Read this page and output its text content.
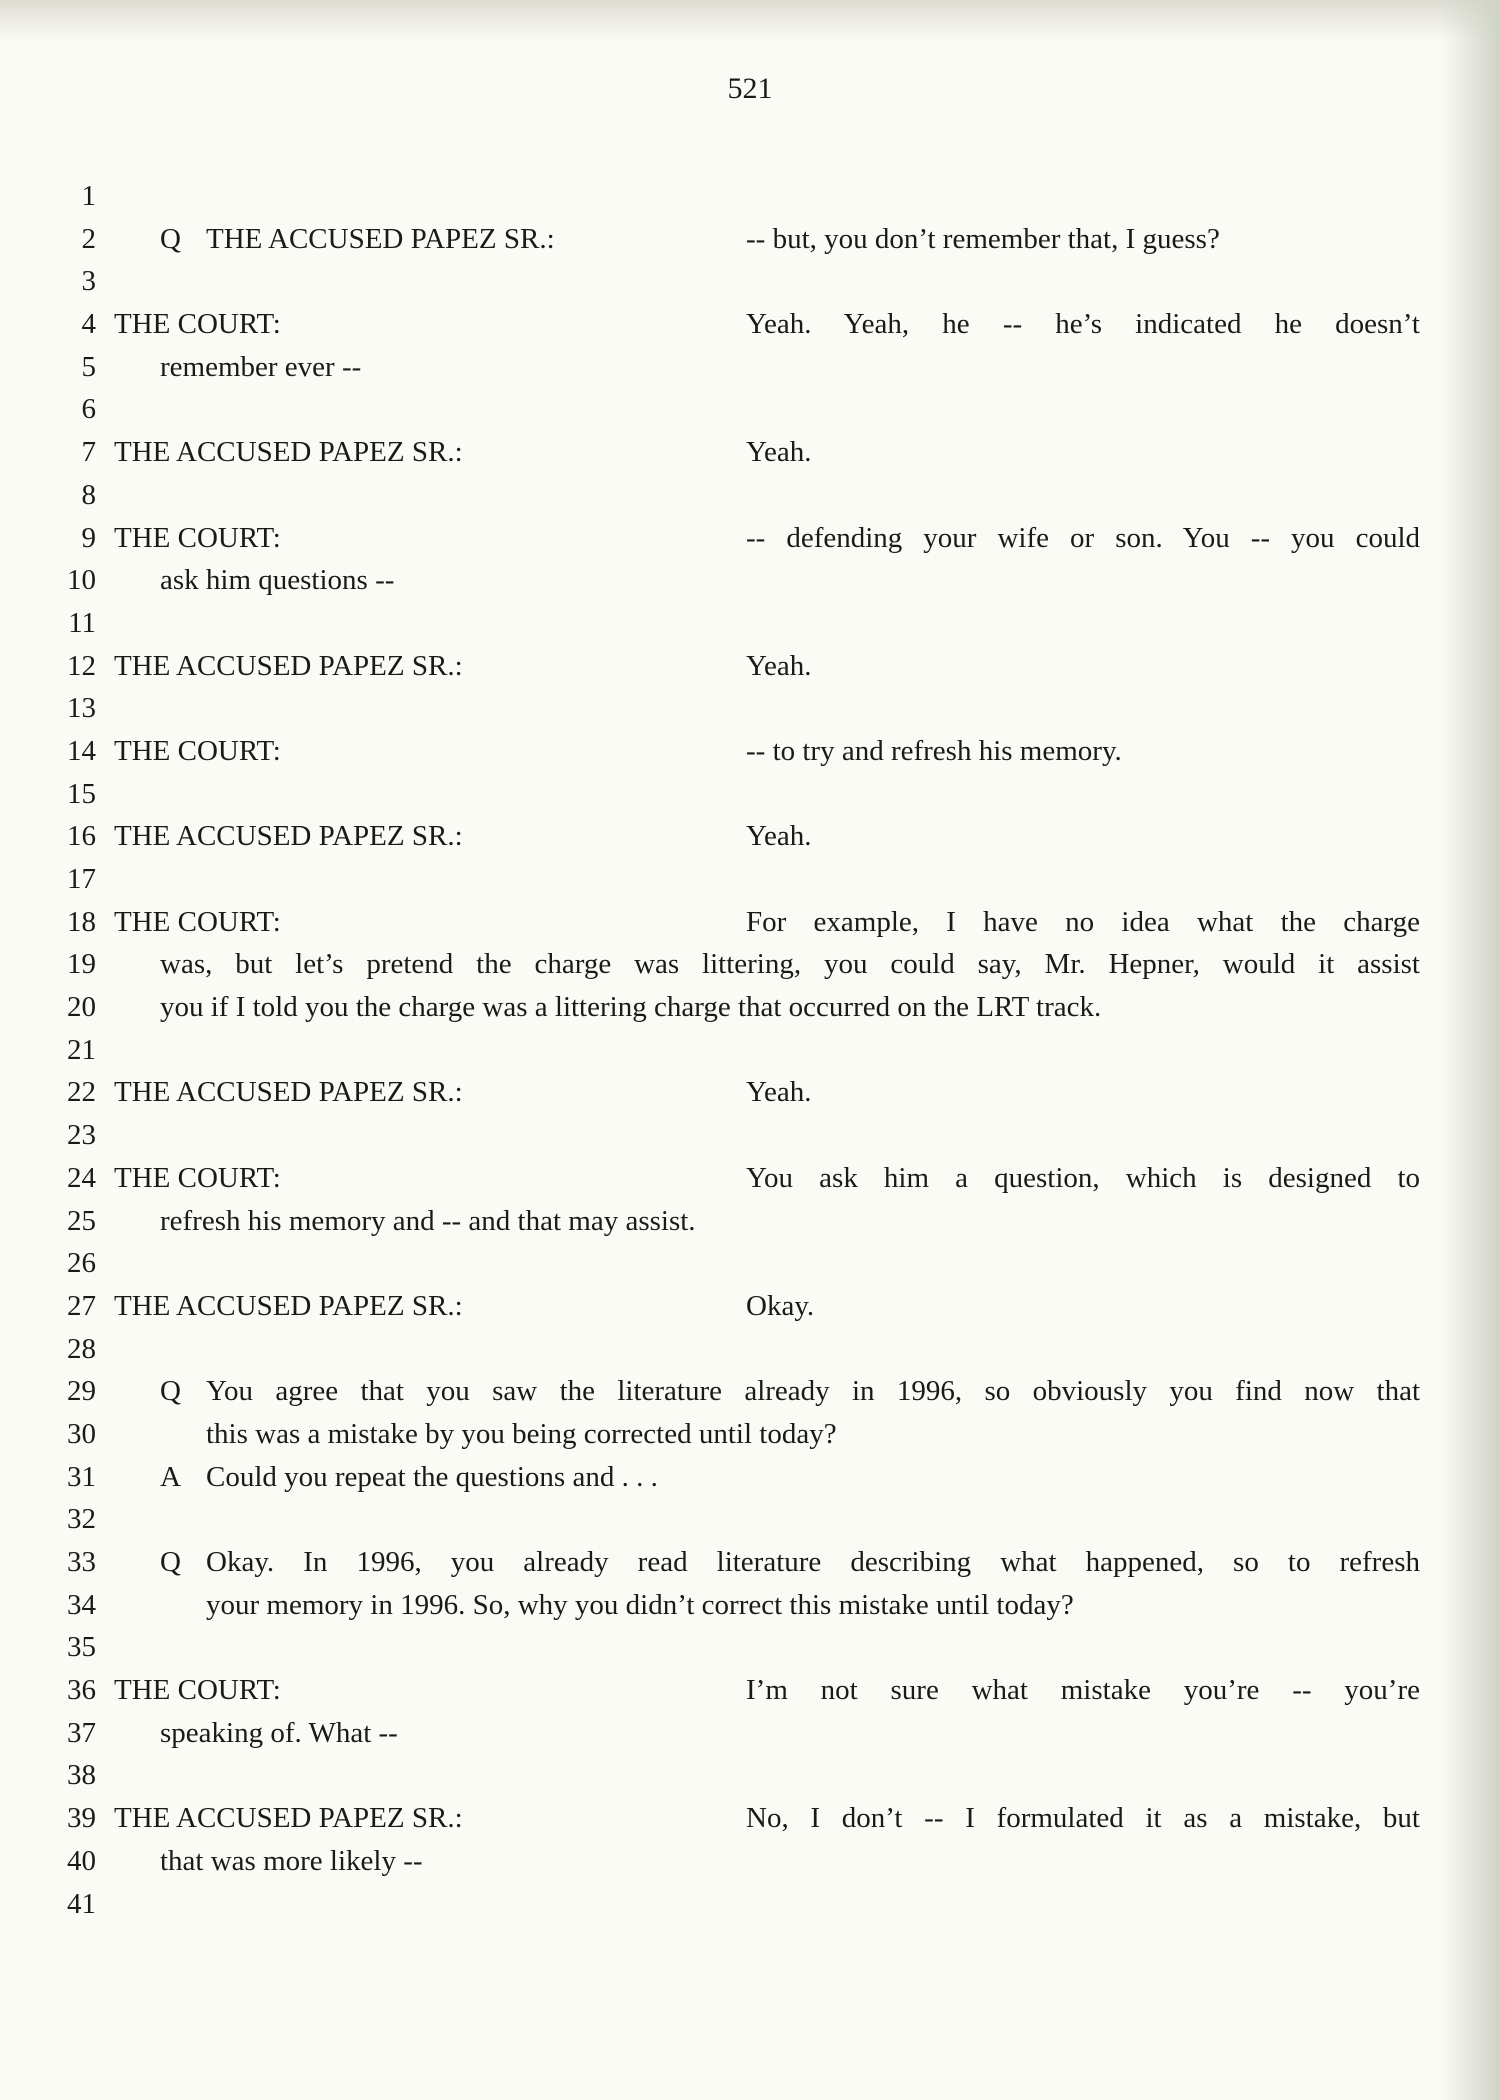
521
1
2 Q THE ACCUSED PAPEZ SR.:	-- but, you don’t remember that, I guess?
3
4 THE COURT:	Yeah. Yeah, he -- he’s indicated he doesn’t
5 remember ever --
6
7 THE ACCUSED PAPEZ SR.:	Yeah.
8
9 THE COURT:	-- defending your wife or son. You -- you could
10 ask him questions --
11
12 THE ACCUSED PAPEZ SR.:	Yeah.
13
14 THE COURT:	-- to try and refresh his memory.
15
16 THE ACCUSED PAPEZ SR.:	Yeah.
17
18 THE COURT:	For example, I have no idea what the charge
19 was, but let’s pretend the charge was littering, you could say, Mr. Hepner, would it assist
20 you if I told you the charge was a littering charge that occurred on the LRT track.
21
22 THE ACCUSED PAPEZ SR.:	Yeah.
23
24 THE COURT:	You ask him a question, which is designed to
25 refresh his memory and -- and that may assist.
26
27 THE ACCUSED PAPEZ SR.:	Okay.
28
29 Q You agree that you saw the literature already in 1996, so obviously you find now that
30	this was a mistake by you being corrected until today?
31 A Could you repeat the questions and . . .
32
33 Q Okay. In 1996, you already read literature describing what happened, so to refresh
34	your memory in 1996. So, why you didn’t correct this mistake until today?
35
36 THE COURT:	I’m not sure what mistake you’re -- you’re
37 speaking of. What --
38
39 THE ACCUSED PAPEZ SR.:	No, I don’t -- I formulated it as a mistake, but
40 that was more likely --
41
